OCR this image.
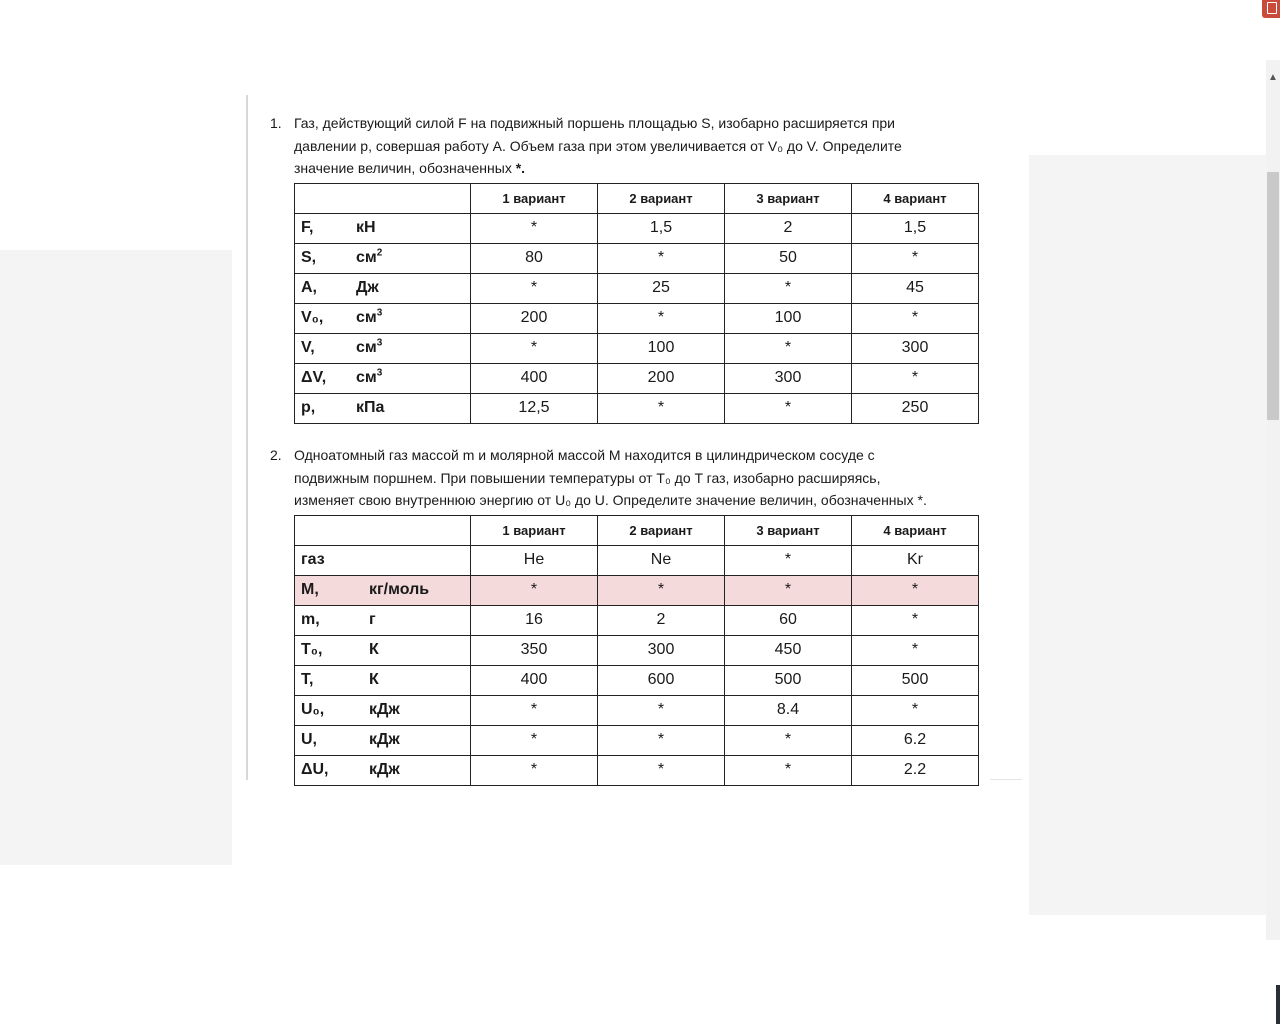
▲
1. Газ, действующий силой F на подвижный поршень площадью S, изобарно расширяется при
давлении р, совершая работу А. Объем газа при этом увеличивается от V₀ до V. Определите
значение величин, обозначенных *.
	1 вариант	2 вариант	3 вариант	4 вариант
F, кН	*	1,5	2	1,5
S, $см^2$	80	*	50	*
A, Дж	*	25	*	45
V₀, $см^3$	200	*	100	*
V, $см^3$	*	100	*	300
ΔV, $см^3$	400	200	300	*
p, кПа	12,5	*	*	250
2. Одноатомный газ массой m и молярной массой M находится в цилиндрическом сосуде с
подвижным поршнем. При повышении температуры от T₀ до T газ, изобарно расширяясь,
изменяет свою внутреннюю энергию от U₀ до U. Определите значение величин, обозначенных *.
	1 вариант	2 вариант	3 вариант	4 вариант
газ	He	Ne	*	Kr
M, кг/моль	*	*	*	*
m, г	16	2	60	*
T₀, К	350	300	450	*
T, К	400	600	500	500
U₀, кДж	*	*	8.4	*
U, кДж	*	*	*	6.2
ΔU, кДж	*	*	*	2.2
